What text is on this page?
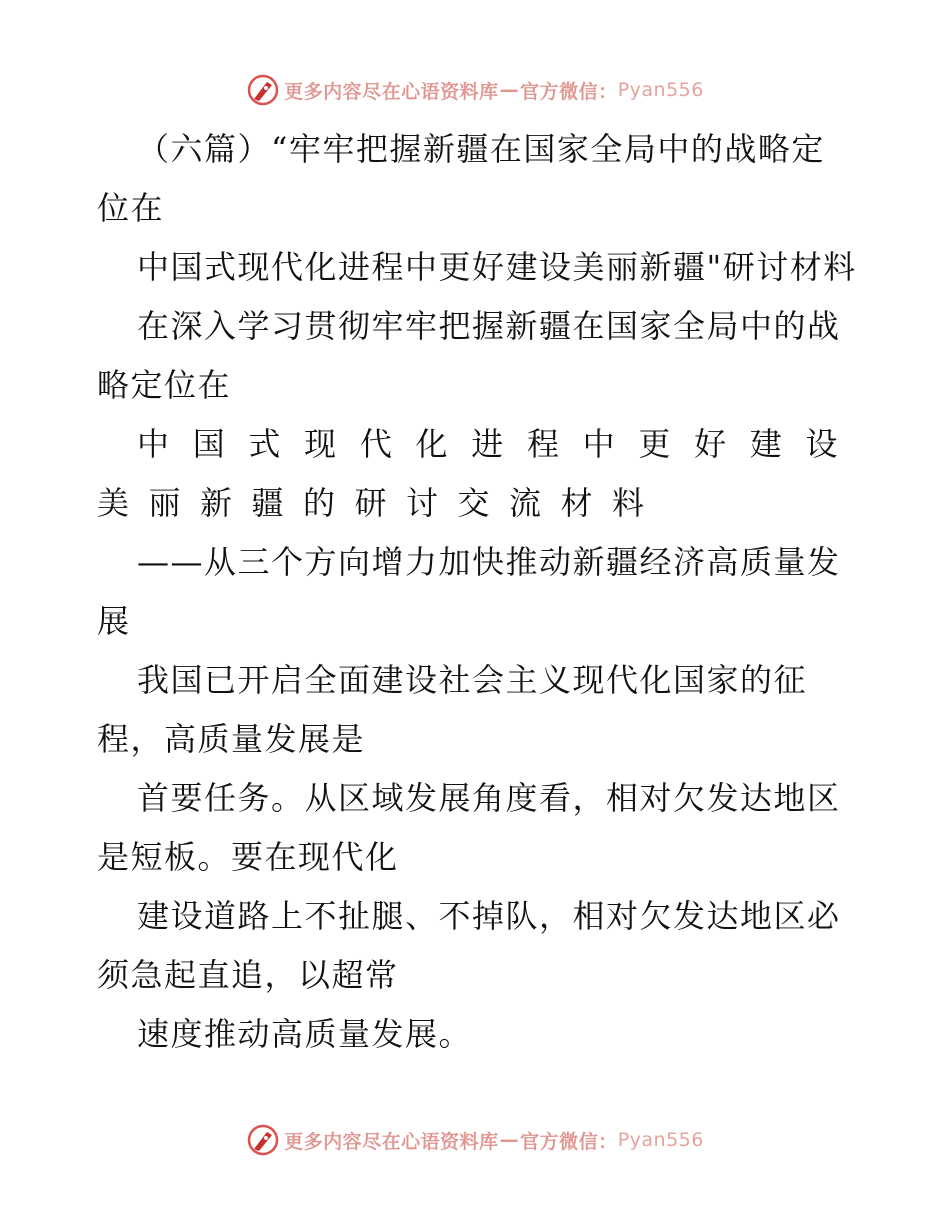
更多内容尽在心语资料库 — 官方微信： Pyan556

（六篇）“牢牢把握新疆在国家全局中的战略定位在

中国式现代化进程中更好建设美丽新疆"研讨材料

在深入学习贯彻牢牢把握新疆在国家全局中的战略定位在

中国式现代化进程中更好建设美丽新疆的研讨交流材料

——从三个方向增力加快推动新疆经济高质量发展

我国已开启全面建设社会主义现代化国家的征程，高质量发展是

首要任务。从区域发展角度看，相对欠发达地区是短板。要在现代化

建设道路上不扯腿、不掉队，相对欠发达地区必须急起直追，以超常

速度推动高质量发展。

更多内容尽在心语资料库 — 官方微信： Pyan556
